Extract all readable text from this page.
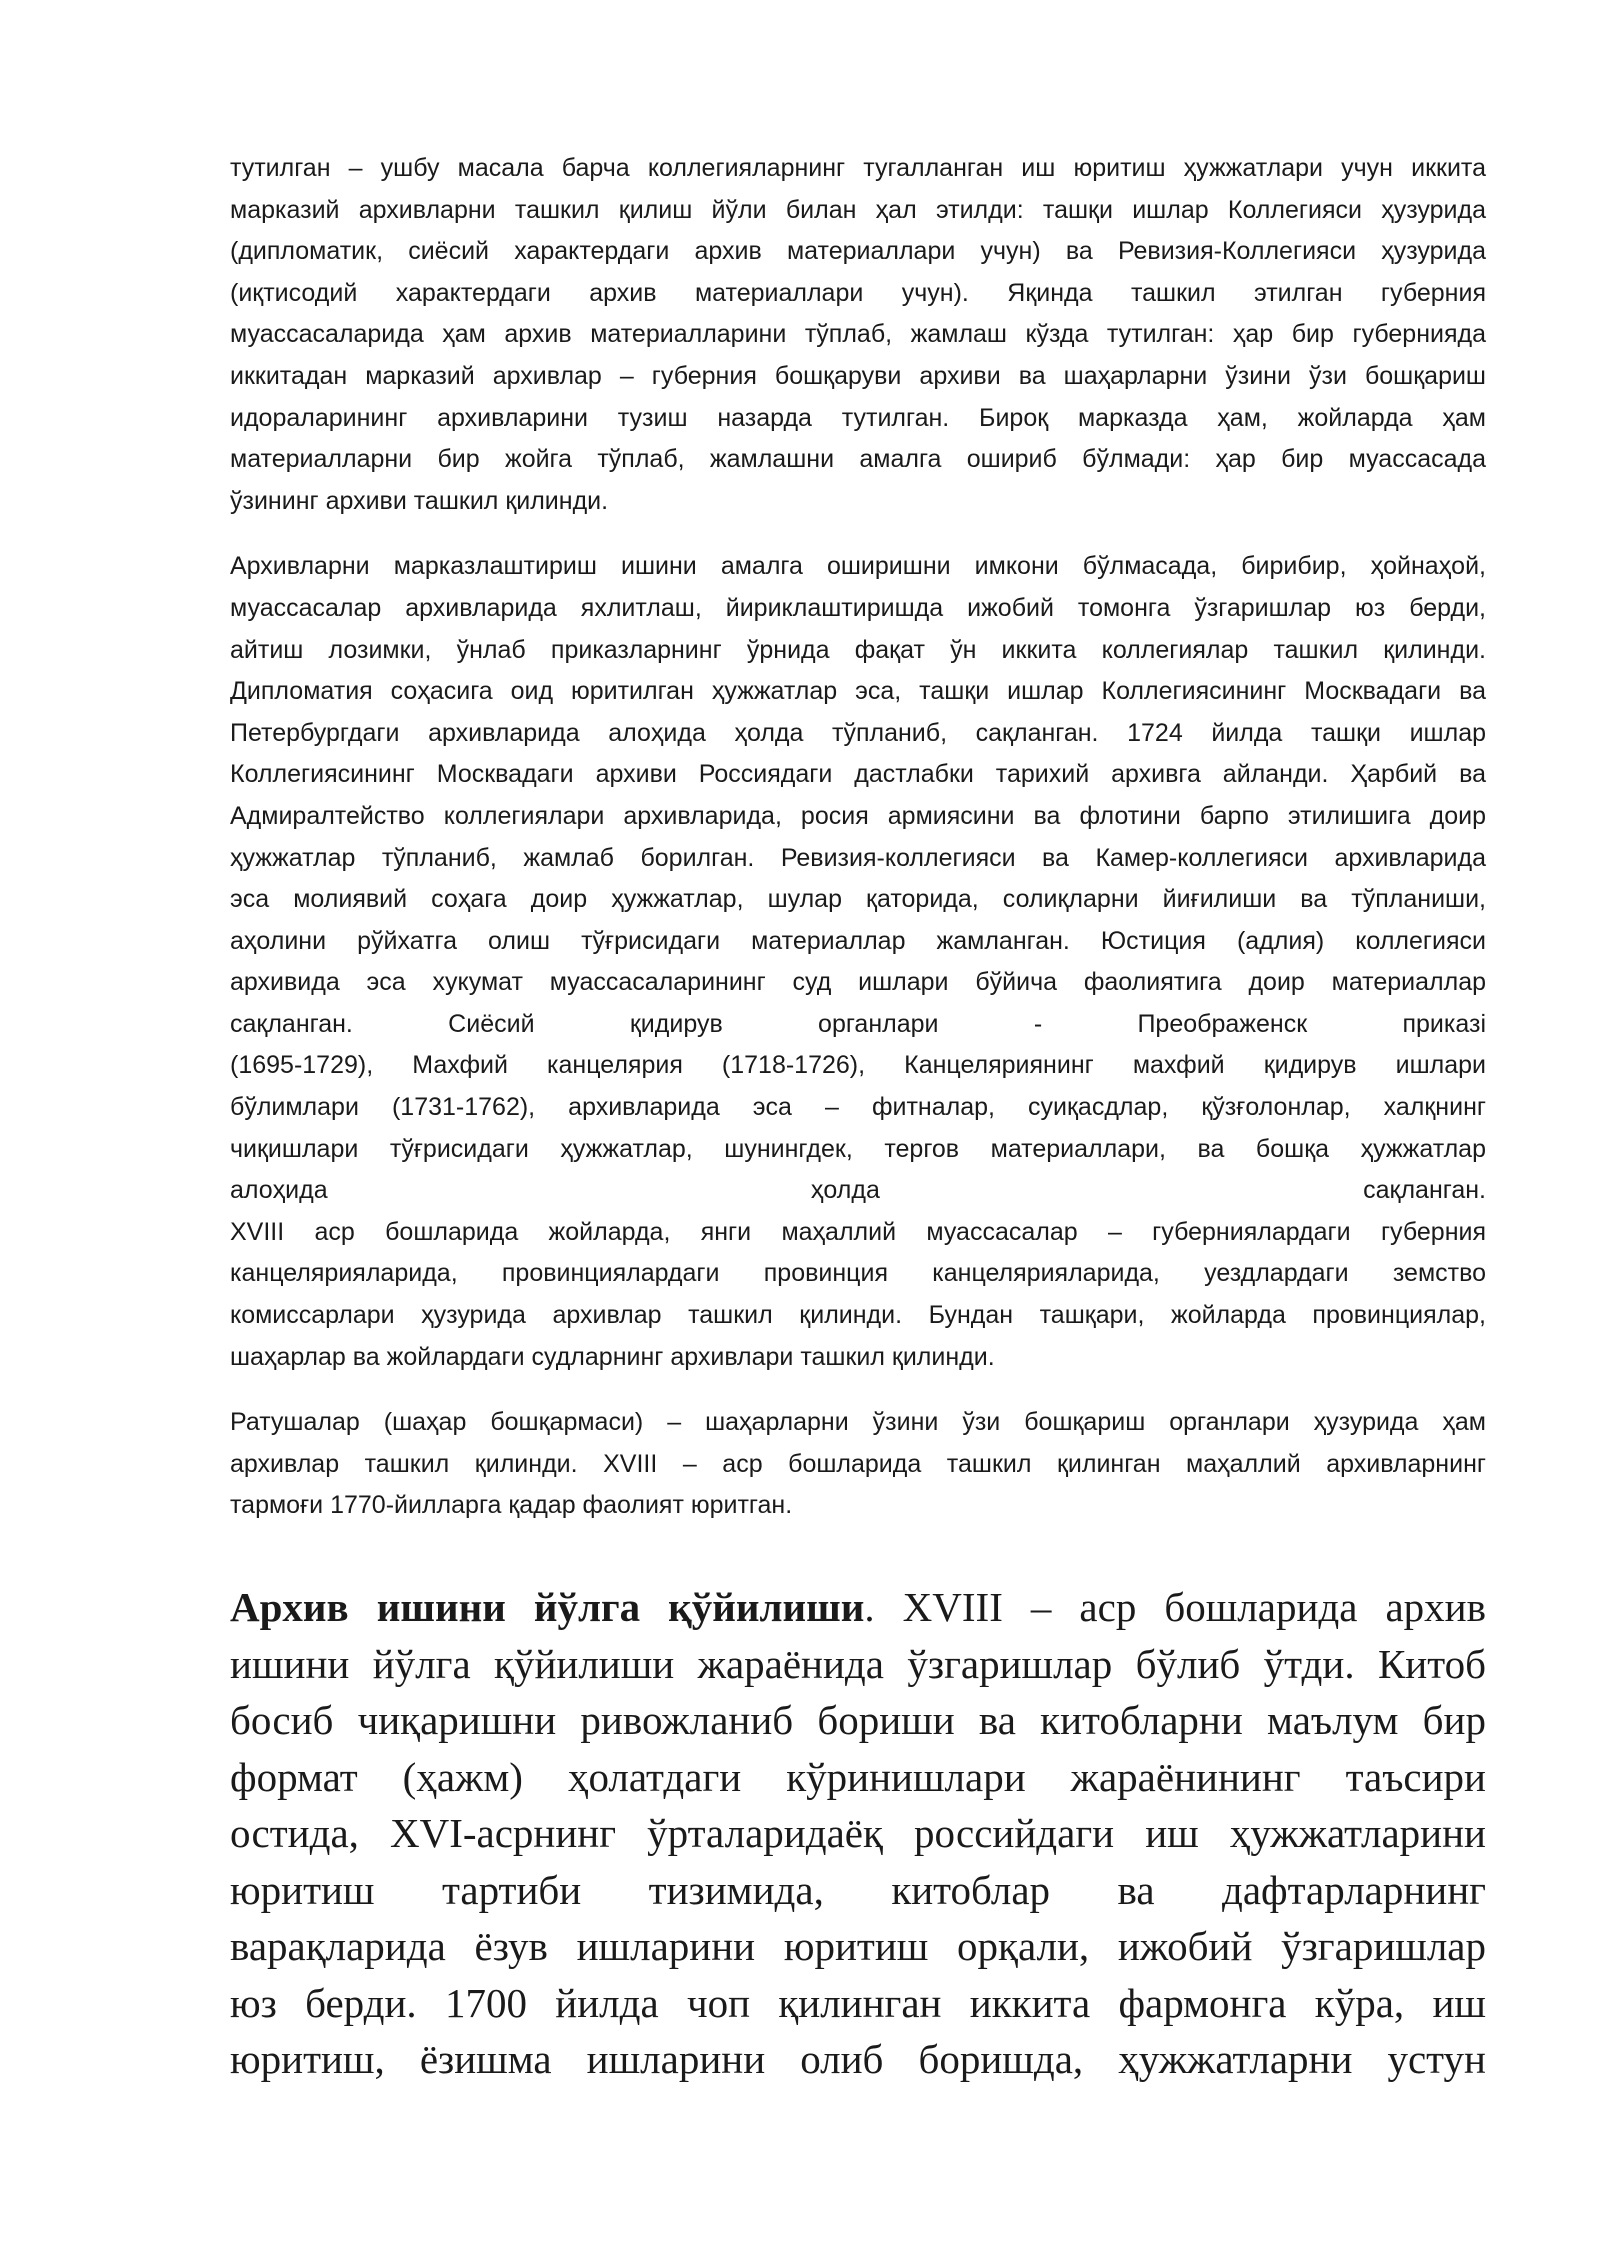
тутилган – ушбу масала барча коллегияларнинг тугалланган иш юритиш ҳужжатлари учун иккита
марказий архивларни ташкил қилиш йўли билан ҳал этилди: ташқи ишлар Коллегияси ҳузурида
(дипломатик, сиёсий характердаги архив материаллари учун) ва Ревизия-Коллегияси ҳузурида
(иқтисодий характердаги архив материаллари учун). Яқинда ташкил этилган губерния
муассасаларида ҳам архив материалларини тўплаб, жамлаш кўзда тутилган: ҳар бир губернияда
иккитадан марказий архивлар – губерния бошқаруви архиви ва шаҳарларни ўзини ўзи бошқариш
идораларининг архивларини тузиш назарда тутилган. Бироқ марказда ҳам, жойларда ҳам
материалларни бир жойга тўплаб, жамлашни амалга ошириб бўлмади: ҳар бир муассасада
ўзининг архиви ташкил қилинди.
Архивларни марказлаштириш ишини амалга оширишни имкони бўлмасада, бирибир, ҳойнаҳой,
муассасалар архивларида яхлитлаш, йириклаштиришда ижобий томонга ўзгаришлар юз берди,
айтиш лозимки, ўнлаб приказларнинг ўрнида фақат ўн иккита коллегиялар ташкил қилинди.
Дипломатия соҳасига оид юритилган ҳужжатлар эса, ташқи ишлар Коллегиясининг Москвадаги ва
Петербургдаги архивларида алоҳида ҳолда тўпланиб, сақланган. 1724 йилда ташқи ишлар
Коллегиясининг Москвадаги архиви Россиядаги дастлабки тарихий архивга айланди. Ҳарбий ва
Адмиралтейство коллегиялари архивларида, росия армиясини ва флотини барпо этилишига доир
ҳужжатлар тўпланиб, жамлаб борилган. Ревизия-коллегияси ва Камер-коллегияси архивларида
эса молиявий соҳага доир ҳужжатлар, шулар қаторида, солиқларни йиғилиши ва тўпланиши,
аҳолини рўйхатга олиш тўғрисидаги материаллар жамланган. Юстиция (адлия) коллегияси
архивида эса хукумат муассасаларининг суд ишлари бўйича фаолиятига доир материаллар
сақланган. Сиёсий қидирув органлари - Преображенск приказі
(1695-1729), Махфий канцелярия (1718-1726), Канцеляриянинг махфий қидирув ишлари
бўлимлари (1731-1762), архивларида эса – фитналар, суиқасдлар, қўзғолонлар, халқнинг
чиқишлари тўғрисидаги ҳужжатлар, шунингдек, тергов материаллари, ва бошқа ҳужжатлар
алоҳида ҳолда сақланган.
XVIII аср бошларида жойларда, янги маҳаллий муассасалар – губерниялардаги губерния
канцелярияларида, провинциялардаги провинция канцелярияларида, уездлардаги земство
комиссарлари ҳузурида архивлар ташкил қилинди. Бундан ташқари, жойларда провинциялар,
шаҳарлар ва жойлардаги судларнинг архивлари ташкил қилинди.
Ратушалар (шаҳар бошқармаси) – шаҳарларни ўзини ўзи бошқариш органлари ҳузурида ҳам
архивлар ташкил қилинди. XVIII – аср бошларида ташкил қилинган маҳаллий архивларнинг
тармоғи 1770-йилларга қадар фаолият юритган.
Архив ишини йўлга қўйилиши. XVIII – аср бошларида архив
ишини йўлга қўйилиши жараёнида ўзгаришлар бўлиб ўтди. Китоб
босиб чиқаришни ривожланиб бориши ва китобларни маълум бир
формат (ҳажм) ҳолатдаги кўринишлари жараёнининг таъсири
остида, XVI-асрнинг ўрталаридаёқ российдаги иш ҳужжатларини
юритиш тартиби тизимида, китоблар ва дафтарларнинг
варақларида ёзув ишларини юритиш орқали, ижобий ўзгаришлар
юз берди. 1700 йилда чоп қилинган иккита фармонга кўра, иш
юритиш, ёзишма ишларини олиб боришда, ҳужжатларни устун
